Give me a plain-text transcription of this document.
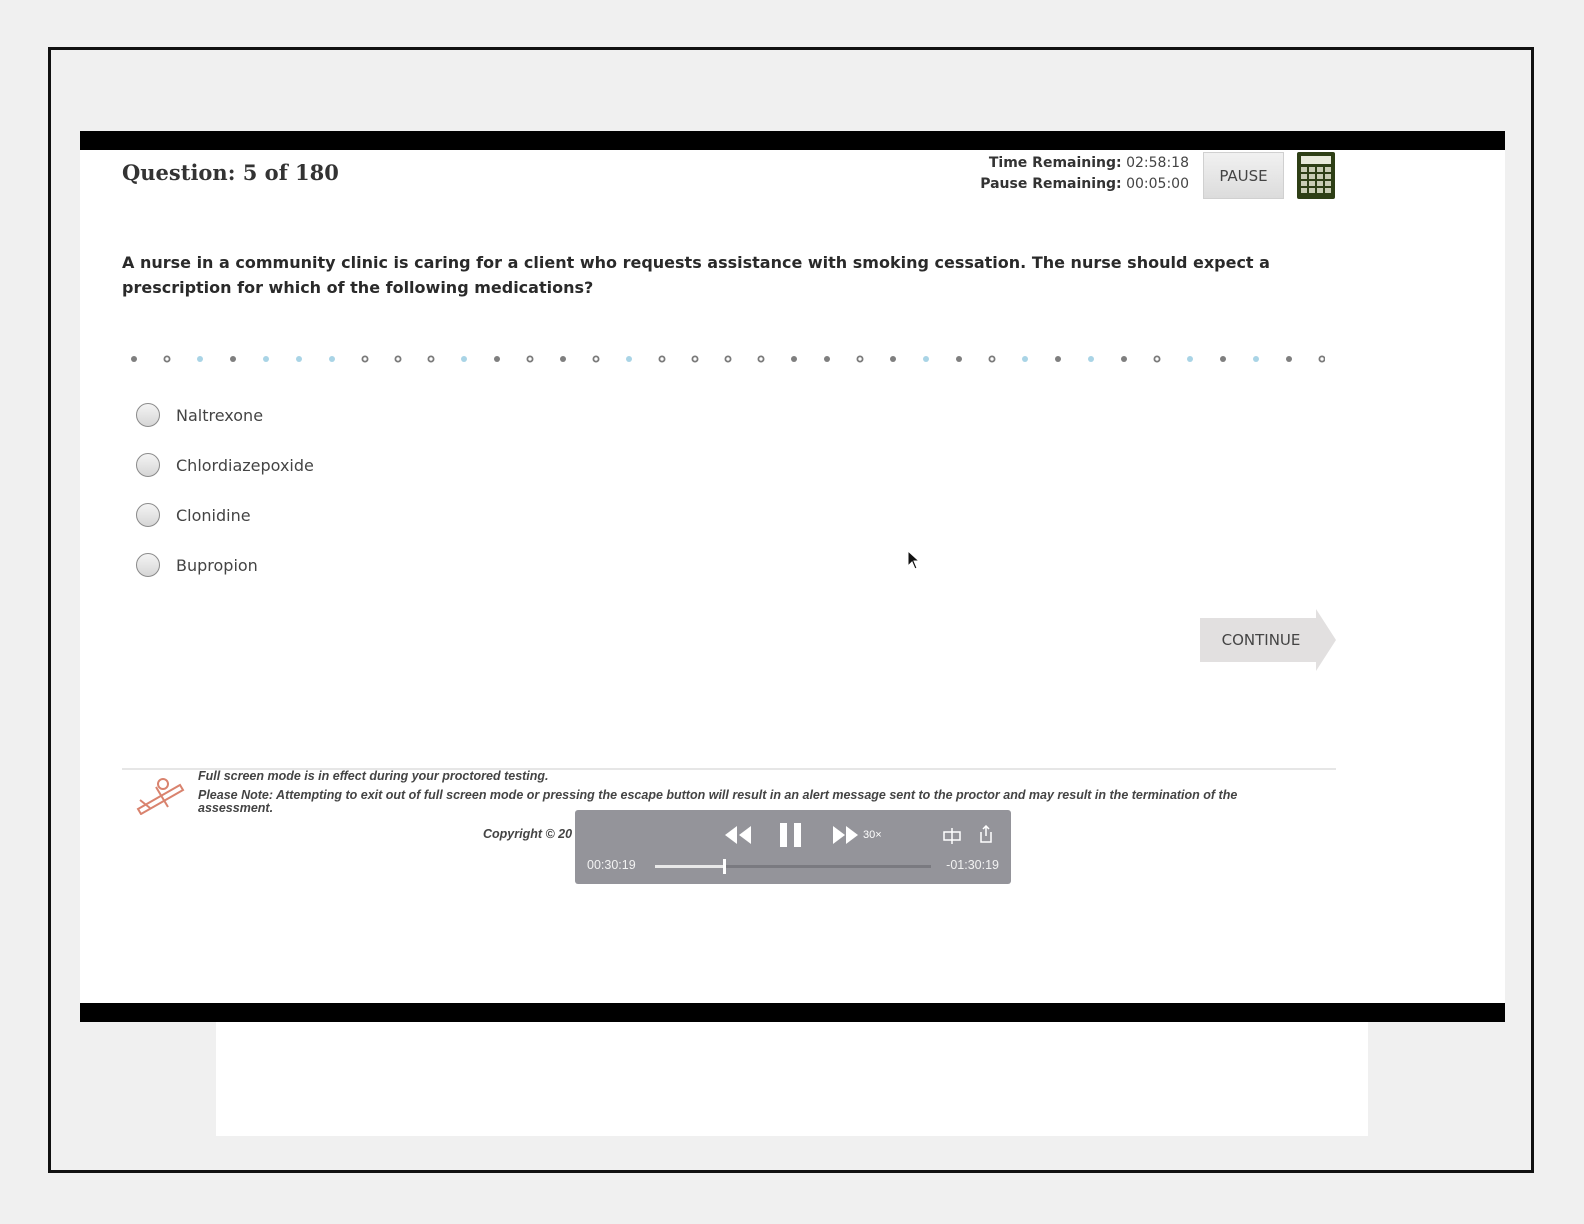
Question: 5 of 180	Time Remaining: 02:58:18
Pause Remaining: 00:05:00	PAUSE
A nurse in a community clinic is caring for a client who requests assistance with smoking cessation. The nurse should expect a prescription for which of the following medications?
Naltrexone
Chlordiazepoxide
Clonidine
Bupropion
CONTINUE
Full screen mode is in effect during your proctored testing.
Please Note: Attempting to exit out of full screen mode or pressing the escape button will result in an alert message sent to the proctor and may result in the termination of the assessment.
Copyright © 20	30×
00:30:19	-01:30:19
